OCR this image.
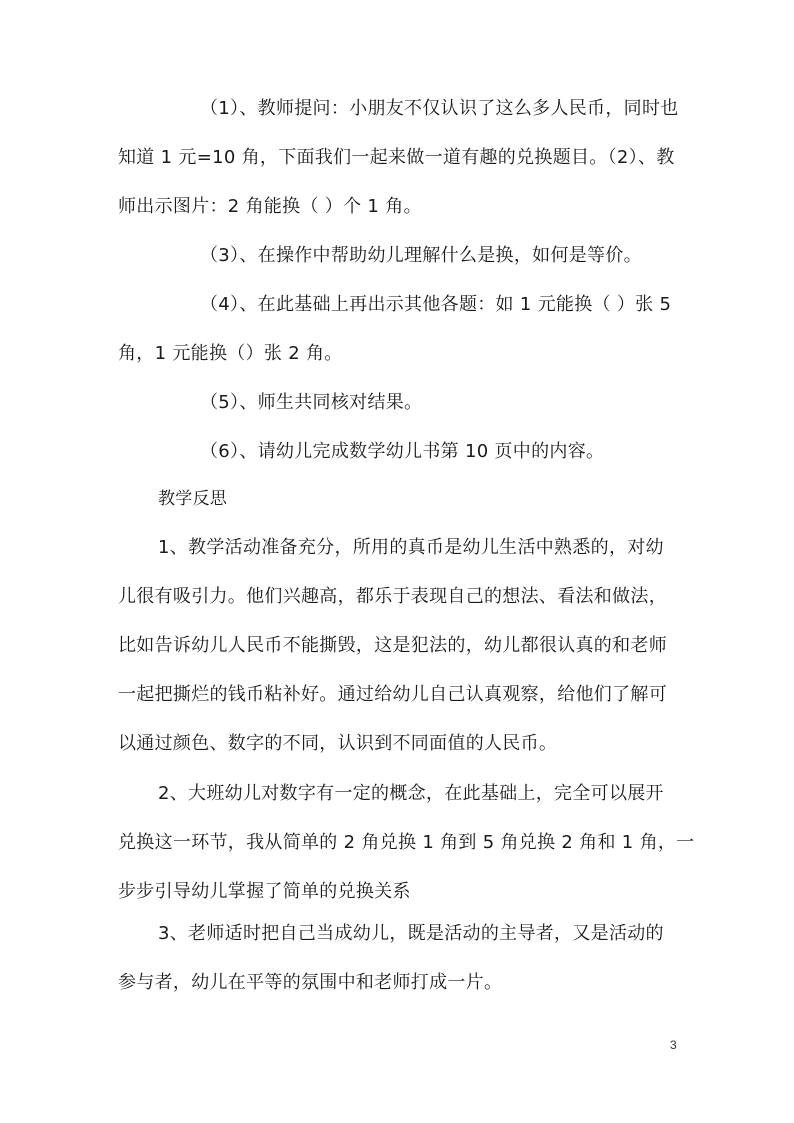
（1）、教师提问：小朋友不仅认识了这么多人民币，同时也
知道 1 元=10 角，下面我们一起来做一道有趣的兑换题目。（2）、教
师出示图片：2 角能换（ ）个 1 角。
（3）、在操作中帮助幼儿理解什么是换，如何是等价。
（4）、在此基础上再出示其他各题：如 1 元能换（ ）张 5
角，1 元能换（）张 2 角。
（5）、师生共同核对结果。
（6）、请幼儿完成数学幼儿书第 10 页中的内容。
教学反思
1、教学活动准备充分，所用的真币是幼儿生活中熟悉的，对幼
儿很有吸引力。他们兴趣高，都乐于表现自己的想法、看法和做法，
比如告诉幼儿人民币不能撕毁，这是犯法的，幼儿都很认真的和老师
一起把撕烂的钱币粘补好。通过给幼儿自己认真观察，给他们了解可
以通过颜色、数字的不同，认识到不同面值的人民币。
2、大班幼儿对数字有一定的概念，在此基础上，完全可以展开
兑换这一环节，我从简单的 2 角兑换 1 角到 5 角兑换 2 角和 1 角，一
步步引导幼儿掌握了简单的兑换关系
3、老师适时把自己当成幼儿，既是活动的主导者，又是活动的
参与者，幼儿在平等的氛围中和老师打成一片。
3
